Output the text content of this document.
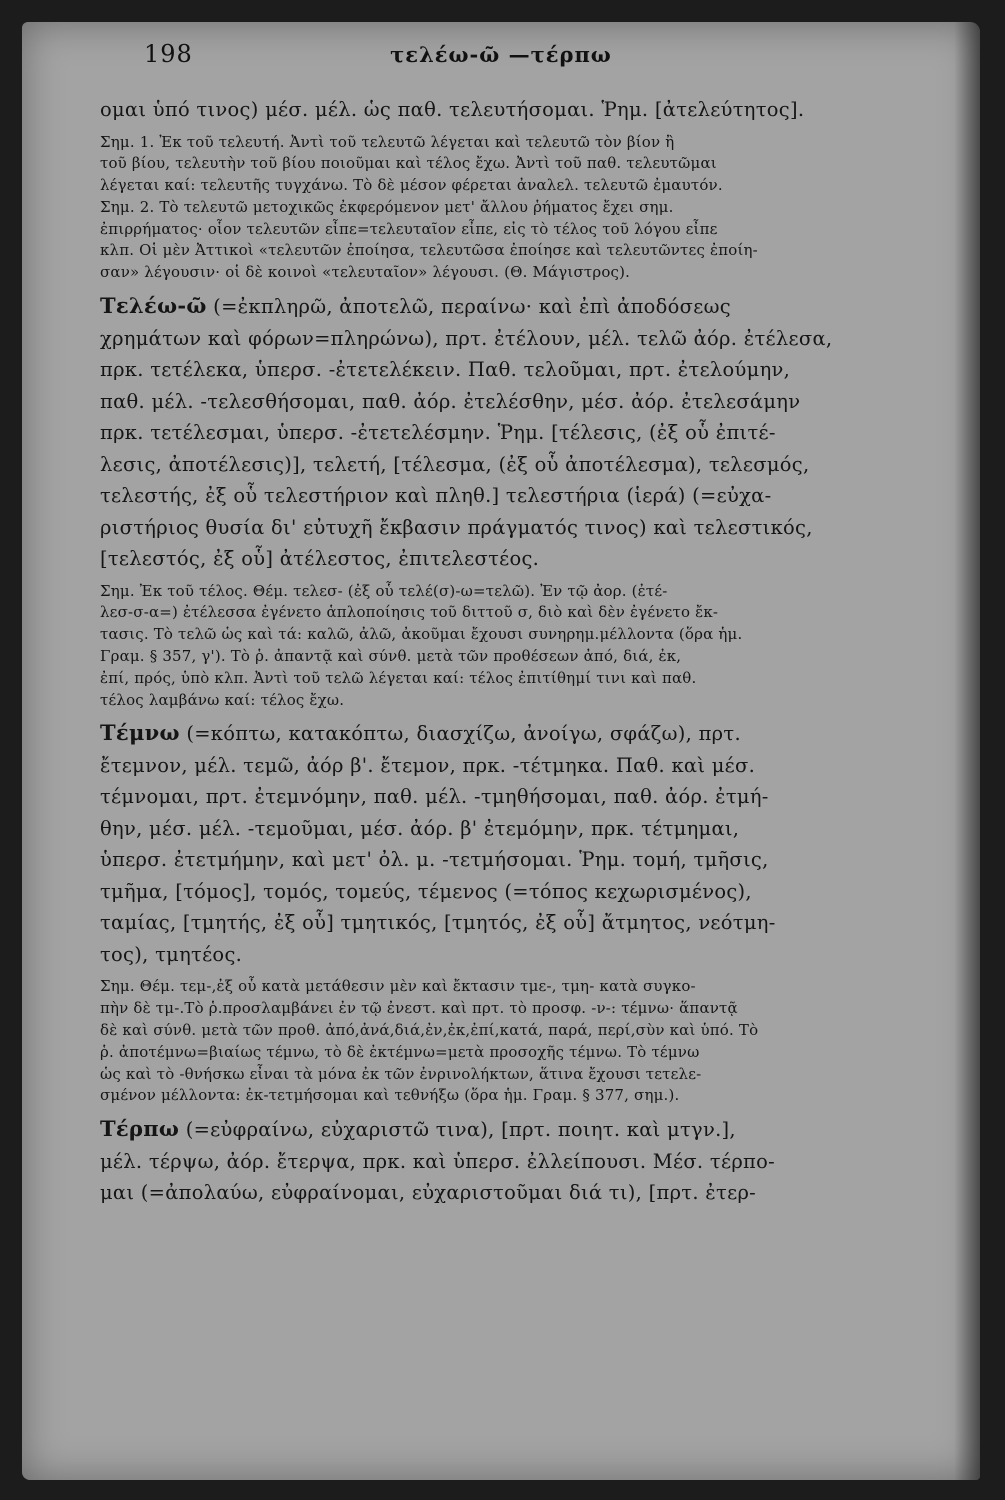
198	τελέω-ῶ —τέρπω
ομαι ὑπό τινος) μέσ. μέλ. ὡς παθ. τελευτήσομαι. Ῥημ. [ἀτελεύτητος].
Σημ. 1. Ἐκ τοῦ τελευτή. Ἀντὶ τοῦ τελευτῶ λέγεται καὶ τελευτῶ τὸν βίον ἢ
τοῦ βίου, τελευτὴν τοῦ βίου ποιοῦμαι καὶ τέλος ἔχω. Ἀντὶ τοῦ παθ. τελευτῶμαι
λέγεται καί: τελευτῆς τυγχάνω. Τὸ δὲ μέσον φέρεται ἀναλελ. τελευτῶ ἐμαυτόν.
Σημ. 2. Τὸ τελευτῶ μετοχικῶς ἐκφερόμενον μετ' ἄλλου ῥήματος ἔχει σημ.
ἐπιρρήματος· οἷον τελευτῶν εἶπε=τελευταῖον εἶπε, εἰς τὸ τέλος τοῦ λόγου εἶπε
κλπ. Οἱ μὲν Ἀττικοὶ «τελευτῶν ἐποίησα, τελευτῶσα ἐποίησε καὶ τελευτῶντες ἐποίη-
σαν» λέγουσιν· οἱ δὲ κοινοὶ «τελευταῖον» λέγουσι. (Θ. Μάγιστρος).
Τελέω-ῶ (=ἐκπληρῶ, ἀποτελῶ, περαίνω· καὶ ἐπὶ ἀποδόσεως
χρημάτων καὶ φόρων=πληρώνω), πρτ. ἐτέλουν, μέλ. τελῶ ἀόρ. ἐτέλεσα,
πρκ. τετέλεκα, ὑπερσ. -ἐτετελέκειν. Παθ. τελοῦμαι, πρτ. ἐτελούμην,
παθ. μέλ. -τελεσθήσομαι, παθ. ἀόρ. ἐτελέσθην, μέσ. ἀόρ. ἐτελεσάμην
πρκ. τετέλεσμαι, ὑπερσ. -ἐτετελέσμην. Ῥημ. [τέλεσις, (ἐξ οὗ ἐπιτέ-
λεσις, ἀποτέλεσις)], τελετή, [τέλεσμα, (ἐξ οὗ ἀποτέλεσμα), τελεσμός,
τελεστής, ἐξ οὗ τελεστήριον καὶ πληθ.] τελεστήρια (ἱερά) (=εὐχα-
ριστήριος θυσία δι' εὐτυχῆ ἔκβασιν πράγματός τινος) καὶ τελεστικός,
[τελεστός, ἐξ οὗ] ἀτέλεστος, ἐπιτελεστέος.
Σημ. Ἐκ τοῦ τέλος. Θέμ. τελεσ- (ἐξ οὗ τελέ(σ)-ω=τελῶ). Ἐν τῷ ἀορ. (ἐτέ-
λεσ-σ-α=) ἐτέλεσσα ἐγένετο ἁπλοποίησις τοῦ διττοῦ σ, διὸ καὶ δὲν ἐγένετο ἔκ-
τασις. Τὸ τελῶ ὡς καὶ τά: καλῶ, ἀλῶ, ἀκοῦμαι ἔχουσι συνηρημ.μέλλοντα (ὅρα ἡμ.
Γραμ. § 357, γ'). Τὸ ῥ. ἀπαντᾷ καὶ σύνθ. μετὰ τῶν προθέσεων ἀπό, διά, ἐκ,
ἐπί, πρός, ὑπὸ κλπ. Ἀντὶ τοῦ τελῶ λέγεται καί: τέλος ἐπιτίθημί τινι καὶ παθ.
τέλος λαμβάνω καί: τέλος ἔχω.
Τέμνω (=κόπτω, κατακόπτω, διασχίζω, ἀνοίγω, σφάζω), πρτ.
ἔτεμνον, μέλ. τεμῶ, ἀόρ β'. ἔτεμον, πρκ. -τέτμηκα. Παθ. καὶ μέσ.
τέμνομαι, πρτ. ἐτεμνόμην, παθ. μέλ. -τμηθήσομαι, παθ. ἀόρ. ἐτμή-
θην, μέσ. μέλ. -τεμοῦμαι, μέσ. ἀόρ. β' ἐτεμόμην, πρκ. τέτμημαι,
ὑπερσ. ἐτετμήμην, καὶ μετ' ὀλ. μ. -τετμήσομαι. Ῥημ. τομή, τμῆσις,
τμῆμα, [τόμος], τομός, τομεύς, τέμενος (=τόπος κεχωρισμένος),
ταμίας, [τμητής, ἐξ οὗ] τμητικός, [τμητός, ἐξ οὗ] ἄτμητος, νεότμη-
τος), τμητέος.
Σημ. Θέμ. τεμ-,ἐξ οὗ κατὰ μετάθεσιν μὲν καὶ ἔκτασιν τμε-, τμη- κατὰ συγκο-
πὴν δὲ τμ-.Τὸ ῥ.προσλαμβάνει ἐν τῷ ἐνεστ. καὶ πρτ. τὸ προσφ. -ν-: τέμνω· ἅπαντᾷ
δὲ καὶ σύνθ. μετὰ τῶν προθ. ἀπό,ἀνά,διά,ἐν,ἐκ,ἐπί,κατά, παρά, περί,σὺν καὶ ὑπό. Τὸ
ῥ. ἀποτέμνω=βιαίως τέμνω, τὸ δὲ ἐκτέμνω=μετὰ προσοχῆς τέμνω. Τὸ τέμνω
ὡς καὶ τὸ -θνήσκω εἶναι τὰ μόνα ἐκ τῶν ἐνρινολήκτων, ἅτινα ἔχουσι τετελε-
σμένον μέλλοντα: ἐκ-τετμήσομαι καὶ τεθνήξω (ὅρα ἡμ. Γραμ. § 377, σημ.).
Τέρπω (=εὐφραίνω, εὐχαριστῶ τινα), [πρτ. ποιητ. καὶ μτγν.],
μέλ. τέρψω, ἀόρ. ἔτερψα, πρκ. καὶ ὑπερσ. ἐλλείπουσι. Μέσ. τέρπο-
μαι (=ἀπολαύω, εὐφραίνομαι, εὐχαριστοῦμαι διά τι), [πρτ. ἐτερ-
